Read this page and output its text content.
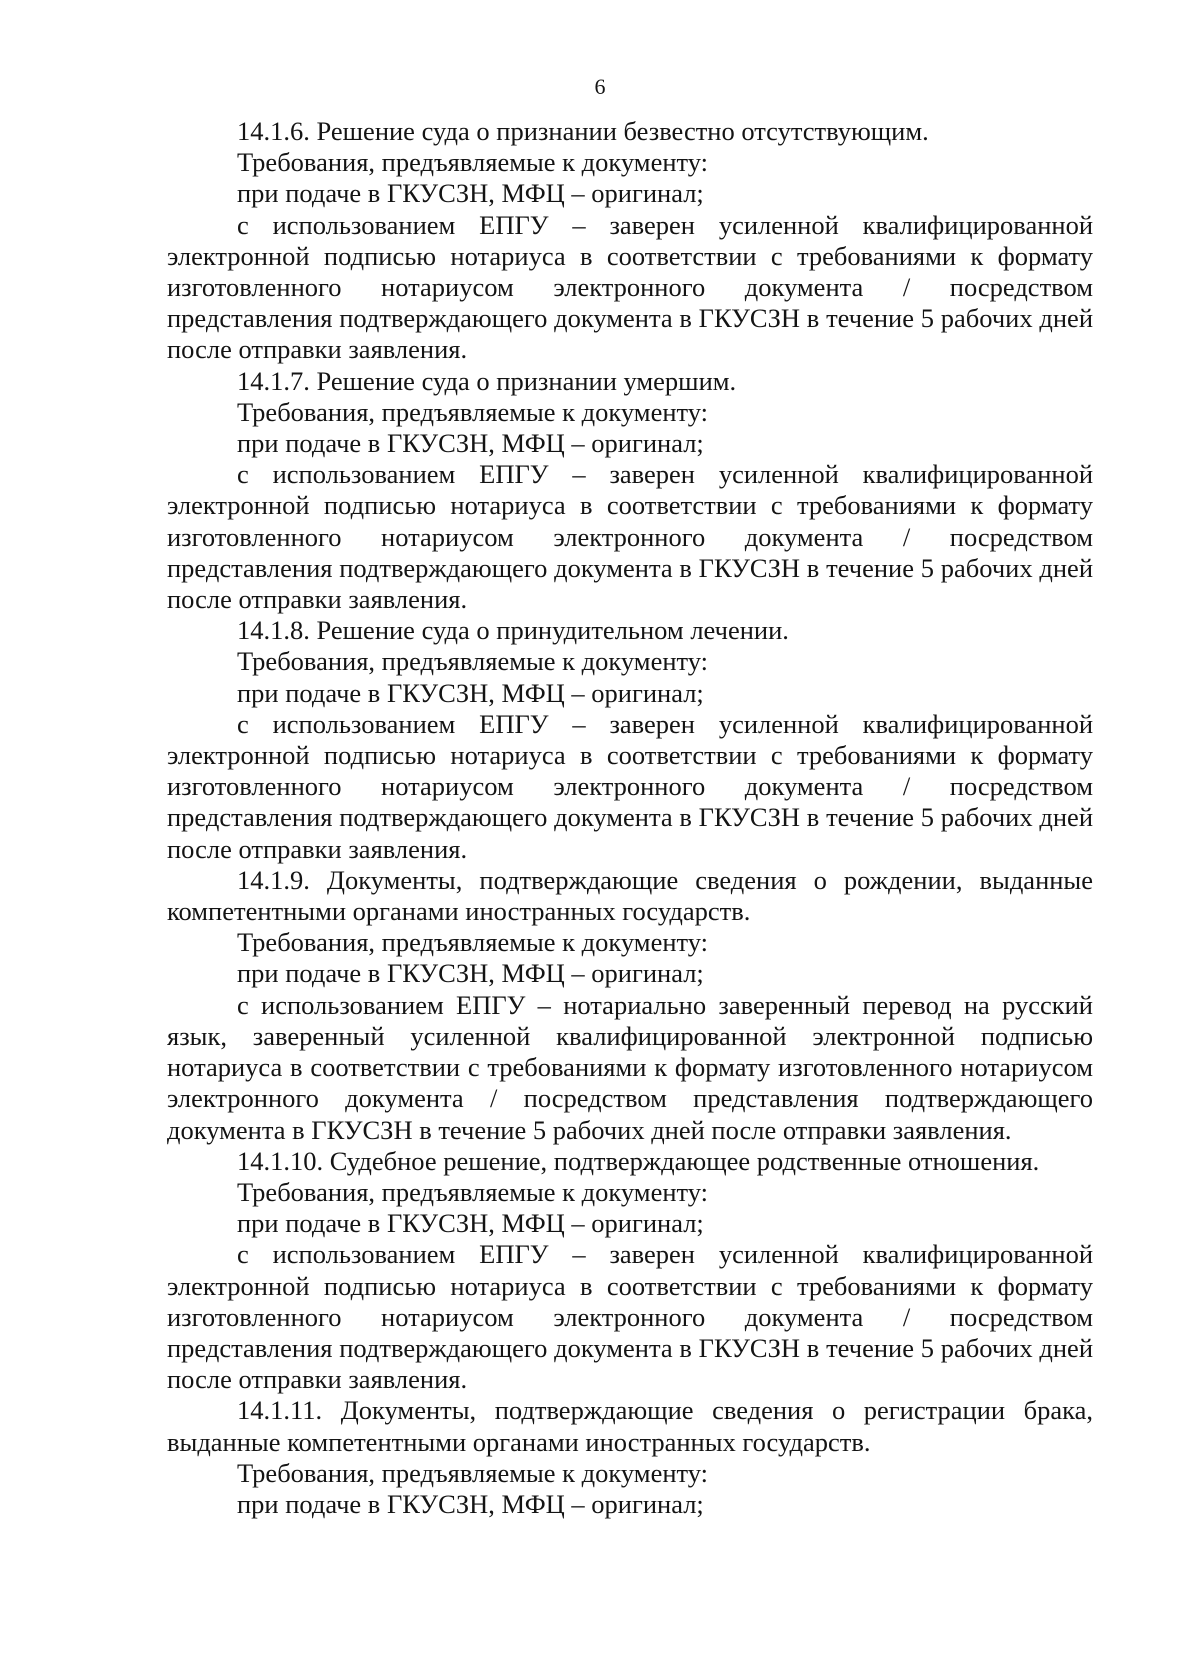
6

14.1.6. Решение суда о признании безвестно отсутствующим.

Требования, предъявляемые к документу:

при подаче в ГКУСЗН, МФЦ – оригинал;

с использованием ЕПГУ – заверен усиленной квалифицированной электронной подписью нотариуса в соответствии с требованиями к формату изготовленного нотариусом электронного документа / посредством представления подтверждающего документа в ГКУСЗН в течение 5 рабочих дней после отправки заявления.

14.1.7. Решение суда о признании умершим.

Требования, предъявляемые к документу:

при подаче в ГКУСЗН, МФЦ – оригинал;

с использованием ЕПГУ – заверен усиленной квалифицированной электронной подписью нотариуса в соответствии с требованиями к формату изготовленного нотариусом электронного документа / посредством представления подтверждающего документа в ГКУСЗН в течение 5 рабочих дней после отправки заявления.

14.1.8. Решение суда о принудительном лечении.

Требования, предъявляемые к документу:

при подаче в ГКУСЗН, МФЦ – оригинал;

с использованием ЕПГУ – заверен усиленной квалифицированной электронной подписью нотариуса в соответствии с требованиями к формату изготовленного нотариусом электронного документа / посредством представления подтверждающего документа в ГКУСЗН в течение 5 рабочих дней после отправки заявления.

14.1.9. Документы, подтверждающие сведения о рождении, выданные компетентными органами иностранных государств.

Требования, предъявляемые к документу:

при подаче в ГКУСЗН, МФЦ – оригинал;

с использованием ЕПГУ – нотариально заверенный перевод на русский язык, заверенный усиленной квалифицированной электронной подписью нотариуса в соответствии с требованиями к формату изготовленного нотариусом электронного документа / посредством представления подтверждающего документа в ГКУСЗН в течение 5 рабочих дней после отправки заявления.

14.1.10. Судебное решение, подтверждающее родственные отношения.

Требования, предъявляемые к документу:

при подаче в ГКУСЗН, МФЦ – оригинал;

с использованием ЕПГУ – заверен усиленной квалифицированной электронной подписью нотариуса в соответствии с требованиями к формату изготовленного нотариусом электронного документа / посредством представления подтверждающего документа в ГКУСЗН в течение 5 рабочих дней после отправки заявления.

14.1.11. Документы, подтверждающие сведения о регистрации брака, выданные компетентными органами иностранных государств.

Требования, предъявляемые к документу:

при подаче в ГКУСЗН, МФЦ – оригинал;
